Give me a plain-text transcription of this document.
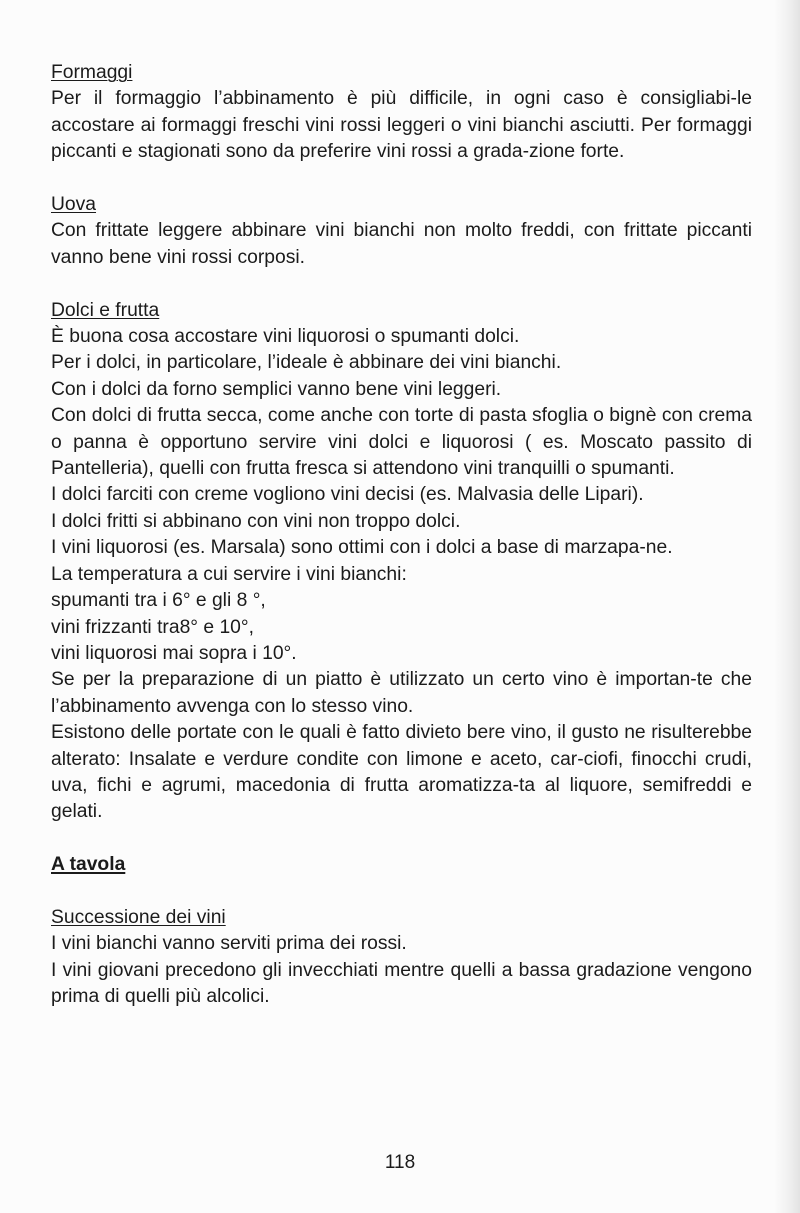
Formaggi
Per il formaggio l’abbinamento è più difficile, in ogni caso è consigliabi-le accostare ai formaggi freschi vini rossi leggeri o vini bianchi asciutti. Per formaggi piccanti e stagionati sono da preferire vini rossi a grada-zione forte.
Uova
Con frittate leggere abbinare vini bianchi non molto freddi, con frittate piccanti vanno bene vini rossi corposi.
Dolci e frutta
È buona cosa accostare vini liquorosi o spumanti dolci.
Per i dolci, in particolare, l’ideale è abbinare dei vini bianchi.
Con i dolci da forno semplici vanno bene vini leggeri.
Con dolci di frutta secca, come anche con torte di pasta sfoglia o bignè con crema o panna è opportuno servire vini dolci e liquorosi ( es. Moscato passito di Pantelleria), quelli con frutta fresca si attendono vini tranquilli o spumanti.
I dolci farciti con creme vogliono vini decisi (es. Malvasia delle Lipari).
I dolci fritti si abbinano con vini non troppo dolci.
I vini liquorosi (es. Marsala) sono ottimi con i dolci a base di marzapa-ne.
La temperatura a cui servire i vini bianchi:
spumanti tra i 6° e gli 8 °,
vini frizzanti tra8° e 10°,
vini liquorosi mai sopra i 10°.
Se per la preparazione di un piatto è utilizzato un certo vino è importan-te che l’abbinamento avvenga con lo stesso vino.
Esistono delle portate con le quali è fatto divieto bere vino, il gusto ne risulterebbe alterato: Insalate e verdure condite con limone e aceto, car-ciofi, finocchi crudi, uva, fichi e agrumi, macedonia di frutta aromatizza-ta al liquore, semifreddi e gelati.
A tavola
Successione dei vini
I vini bianchi vanno serviti prima dei rossi.
I vini giovani precedono gli invecchiati mentre quelli a bassa gradazione vengono prima di quelli più alcolici.
118
